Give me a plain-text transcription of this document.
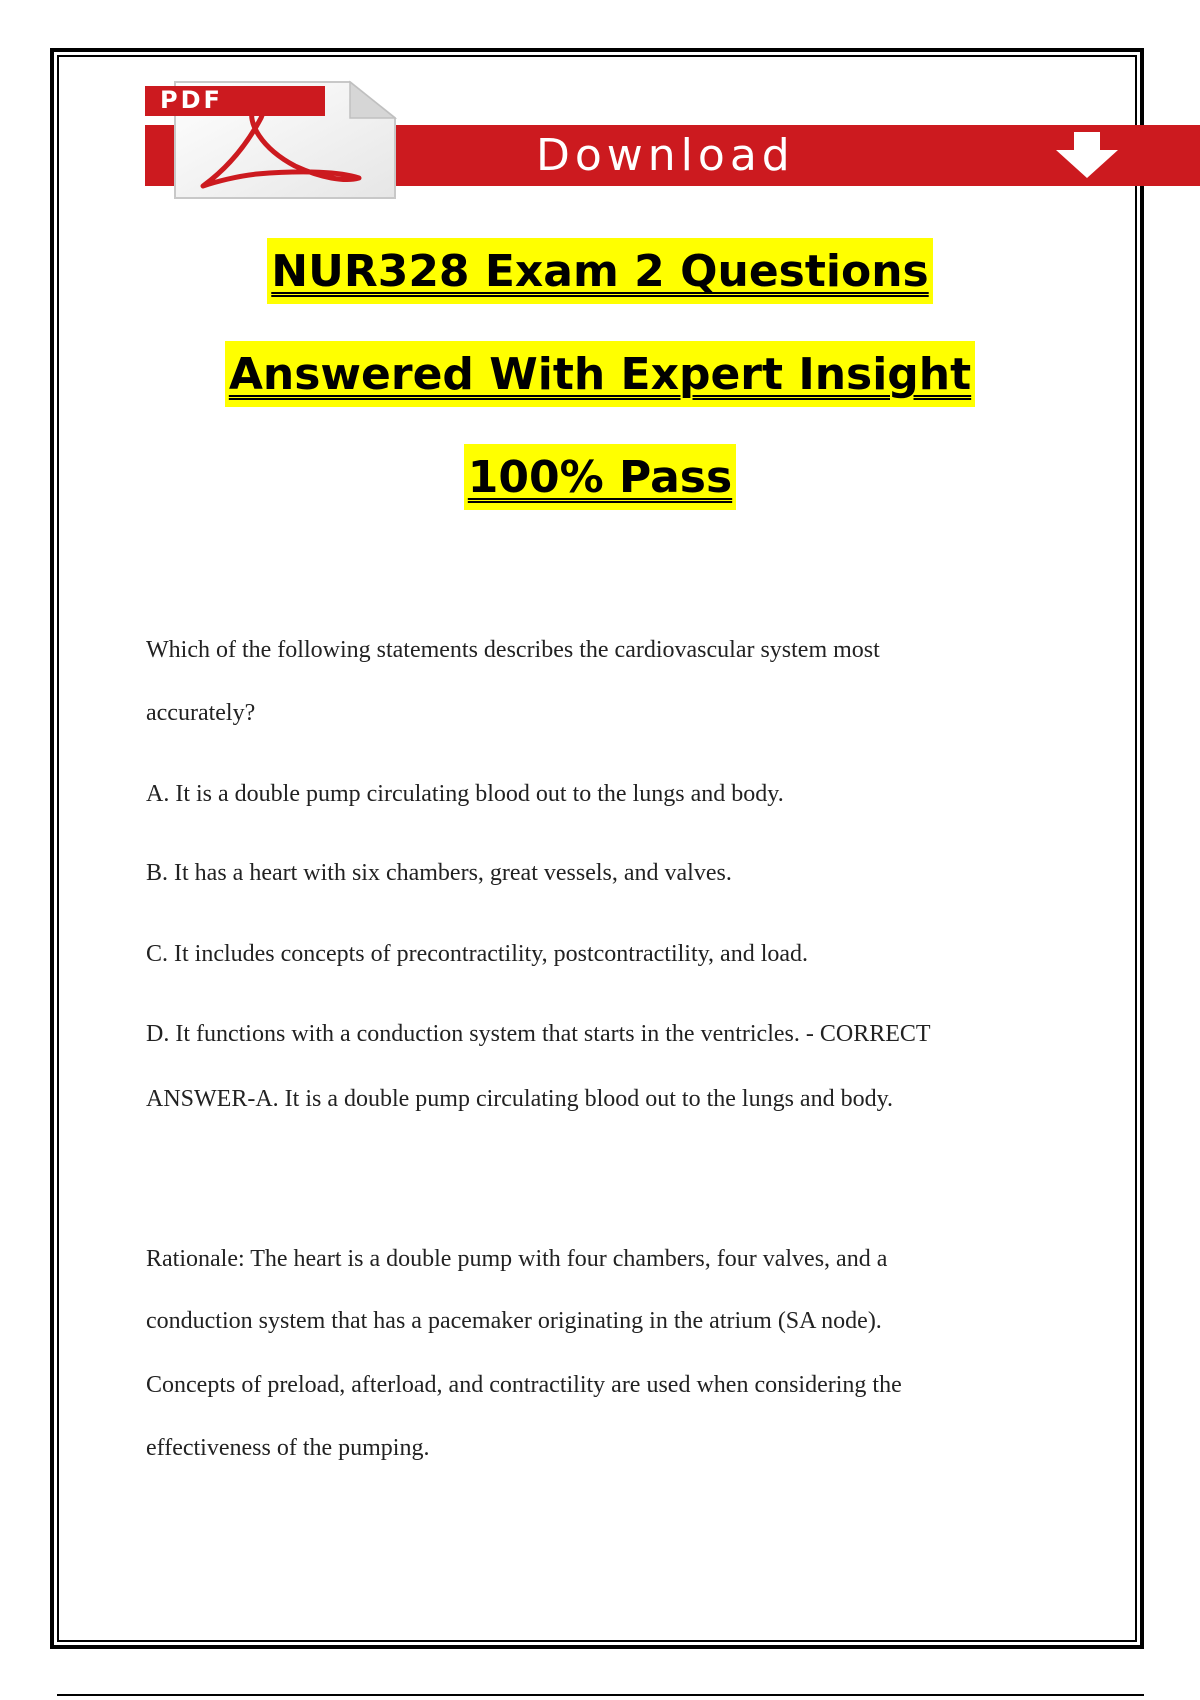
Download
PDF
NUR328 Exam 2 Questions
Answered With Expert Insight
100% Pass
Which of the following statements describes the cardiovascular system most
accurately?
A. It is a double pump circulating blood out to the lungs and body.
B. It has a heart with six chambers, great vessels, and valves.
C. It includes concepts of precontractility, postcontractility, and load.
D. It functions with a conduction system that starts in the ventricles. - CORRECT
ANSWER-A. It is a double pump circulating blood out to the lungs and body.
Rationale: The heart is a double pump with four chambers, four valves, and a
conduction system that has a pacemaker originating in the atrium (SA node).
Concepts of preload, afterload, and contractility are used when considering the
effectiveness of the pumping.
